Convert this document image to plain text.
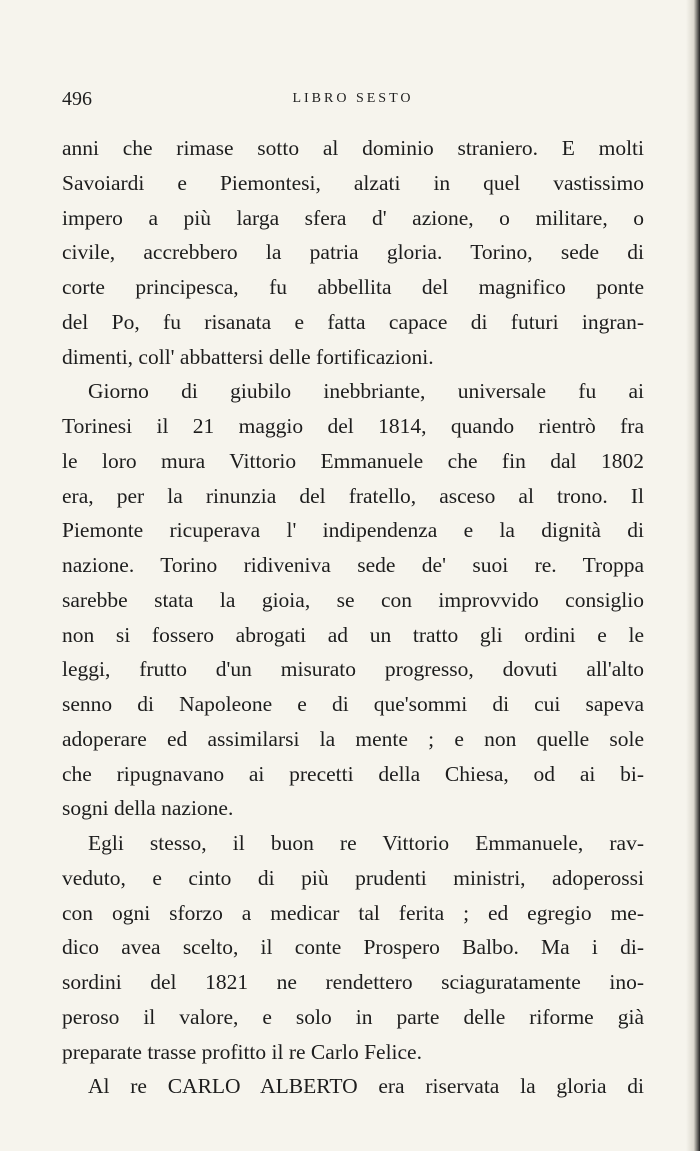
496	LIBRO SESTO
anni che rimase sotto al dominio straniero. E molti
Savoiardi e Piemontesi, alzati in quel vastissimo
impero a più larga sfera d' azione, o militare, o
civile, accrebbero la patria gloria. Torino, sede di
corte principesca, fu abbellita del magnifico ponte
del Po, fu risanata e fatta capace di futuri ingran-
dimenti, coll' abbattersi delle fortificazioni.
Giorno di giubilo inebbriante, universale fu ai
Torinesi il 21 maggio del 1814, quando rientrò fra
le loro mura Vittorio Emmanuele che fin dal 1802
era, per la rinunzia del fratello, asceso al trono. Il
Piemonte ricuperava l' indipendenza e la dignità di
nazione. Torino ridiveniva sede de' suoi re. Troppa
sarebbe stata la gioia, se con improvvido consiglio
non si fossero abrogati ad un tratto gli ordini e le
leggi, frutto d'un misurato progresso, dovuti all'alto
senno di Napoleone e di que'sommi di cui sapeva
adoperare ed assimilarsi la mente ; e non quelle sole
che ripugnavano ai precetti della Chiesa, od ai bi-
sogni della nazione.
Egli stesso, il buon re Vittorio Emmanuele, rav-
veduto, e cinto di più prudenti ministri, adoperossi
con ogni sforzo a medicar tal ferita ; ed egregio me-
dico avea scelto, il conte Prospero Balbo. Ma i di-
sordini del 1821 ne rendettero sciaguratamente ino-
peroso il valore, e solo in parte delle riforme già
preparate trasse profitto il re Carlo Felice.
Al re CARLO ALBERTO era riservata la gloria di
